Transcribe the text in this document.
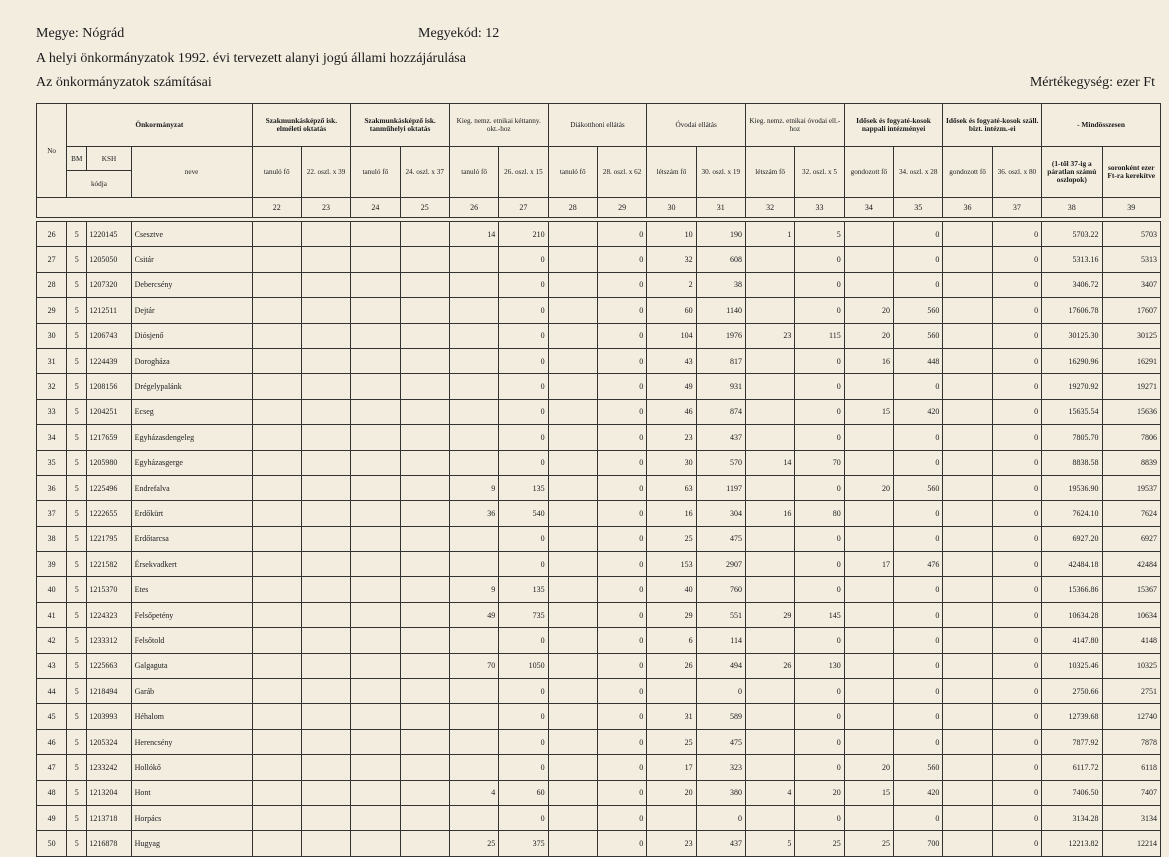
Megye: Nógrád	Megyekód: 12
A helyi önkormányzatok 1992. évi tervezett alanyi jogú állami hozzájárulása
Az önkormányzatok számításai	Mértékegység: ezer Ft
No	Önkormányzat			Szakmunkásképző isk. elméleti oktatás		Szakmunkásképző isk. tanműhelyi oktatás		Kieg. nemz. etnikai kéttanny. okt.-hoz		Diákotthoni ellátás		Óvodai ellátás		Kieg. nemz. etnikai óvodai ell.-hoz		Idősek és fogyaté-kosok nappali intézményei		Idősek és fogyaté-kosok száll. bizt. intézm.-ei		- Mindösszesen	
	BM	KSH	neve	tanuló fő	22. oszl. x 39	tanuló fő	24. oszl. x 37	tanuló fő	26. oszl. x 15	tanuló fő	28. oszl. x 62	létszám fő	30. oszl. x 19	létszám fő	32. oszl. x 5	gondozott fő	34. oszl. x 28	gondozott fő	36. oszl. x 80	(1-től 37-ig a páratlan számú oszlopok)	soronként ezer Ft-ra kerekítve
	kódja																				
				22	23	24	25	26	27	28	29	30	31	32	33	34	35	36	37	38	39

26	5	1220145	Csesztve					14	210		0	10	190	1	5		0		0	5703.22	5703
27	5	1205050	Csitár						0		0	32	608		0		0		0	5313.16	5313
28	5	1207320	Debercsény						0		0	2	38		0		0		0	3406.72	3407
29	5	1212511	Dejtár						0		0	60	1140		0	20	560		0	17606.78	17607
30	5	1206743	Diósjenő						0		0	104	1976	23	115	20	560		0	30125.30	30125
31	5	1224439	Dorogháza						0		0	43	817		0	16	448		0	16290.96	16291
32	5	1208156	Drégelypalánk						0		0	49	931		0		0		0	19270.92	19271
33	5	1204251	Ecseg						0		0	46	874		0	15	420		0	15635.54	15636
34	5	1217659	Egyházasdengeleg						0		0	23	437		0		0		0	7805.70	7806
35	5	1205980	Egyházasgerge						0		0	30	570	14	70		0		0	8838.58	8839
36	5	1225496	Endrefalva					9	135		0	63	1197		0	20	560		0	19536.90	19537
37	5	1222655	Erdőkürt					36	540		0	16	304	16	80		0		0	7624.10	7624
38	5	1221795	Erdőtarcsa						0		0	25	475		0		0		0	6927.20	6927
39	5	1221582	Érsekvadkert						0		0	153	2907		0	17	476		0	42484.18	42484
40	5	1215370	Etes					9	135		0	40	760		0		0		0	15366.86	15367
41	5	1224323	Felsőpetény					49	735		0	29	551	29	145		0		0	10634.28	10634
42	5	1233312	Felsőtold						0		0	6	114		0		0		0	4147.80	4148
43	5	1225663	Galgaguta					70	1050		0	26	494	26	130		0		0	10325.46	10325
44	5	1218494	Garáb						0		0		0		0		0		0	2750.66	2751
45	5	1203993	Héhalom						0		0	31	589		0		0		0	12739.68	12740
46	5	1205324	Herencsény						0		0	25	475		0		0		0	7877.92	7878
47	5	1233242	Hollókő						0		0	17	323		0	20	560		0	6117.72	6118
48	5	1213204	Hont					4	60		0	20	380	4	20	15	420		0	7406.50	7407
49	5	1213718	Horpács						0		0		0		0		0		0	3134.28	3134
50	5	1216878	Hugyag					25	375		0	23	437	5	25	25	700		0	12213.82	12214
